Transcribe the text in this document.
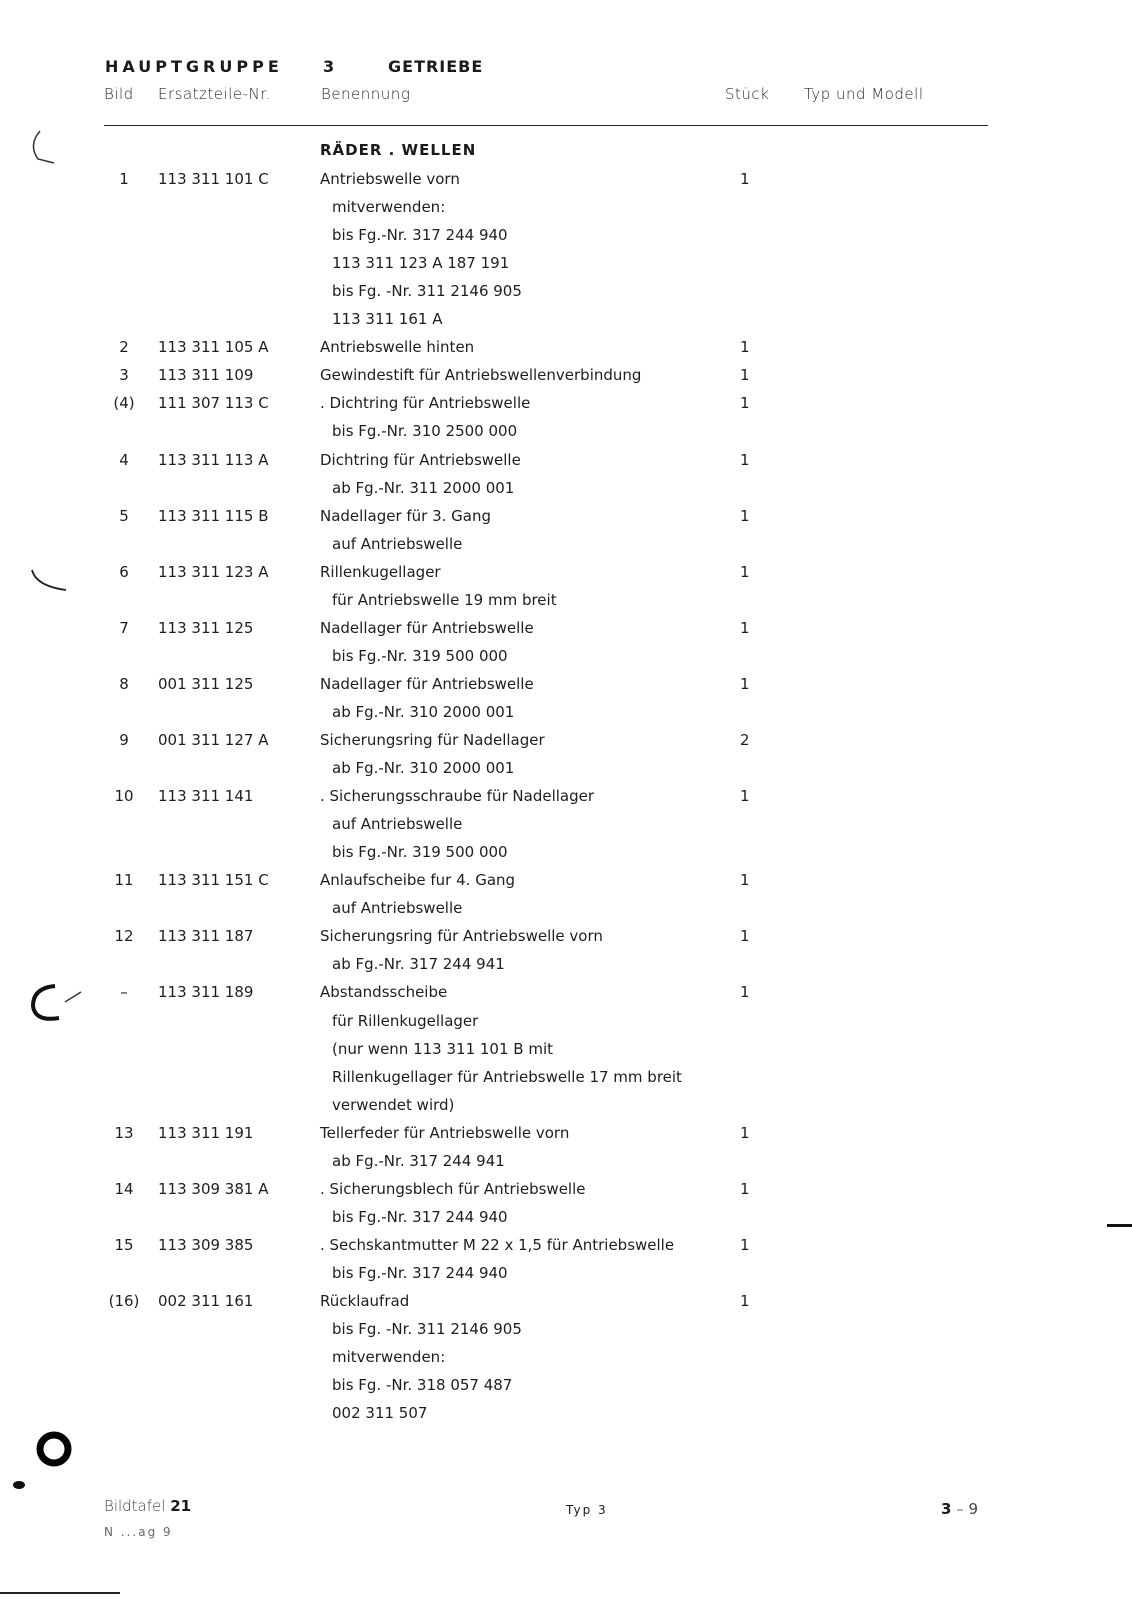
HAUPTGRUPPE	3	GETRIEBE
Bild Ersatzteile-Nr.	Benennung	Stück Typ und Modell
RÄDER . WELLEN
1	113 311 101 C	Antriebswelle vorn	1
mitverwenden:
bis Fg.-Nr. 317 244 940
113 311 123 A 187 191
bis Fg. -Nr. 311 2146 905
113 311 161 A
2	113 311 105 A	Antriebswelle hinten	1
3	113 311 109	Gewindestift für Antriebswellenverbindung	1
(4)	111 307 113 C	. Dichtring für Antriebswelle	1
bis Fg.-Nr. 310 2500 000
4	113 311 113 A	Dichtring für Antriebswelle	1
ab Fg.-Nr. 311 2000 001
5	113 311 115 B	Nadellager für 3. Gang	1
auf Antriebswelle
6	113 311 123 A	Rillenkugellager	1
für Antriebswelle 19 mm breit
7	113 311 125	Nadellager für Antriebswelle	1
bis Fg.-Nr. 319 500 000
8	001 311 125	Nadellager für Antriebswelle	1
ab Fg.-Nr. 310 2000 001
9	001 311 127 A	Sicherungsring für Nadellager	2
ab Fg.-Nr. 310 2000 001
10	113 311 141	. Sicherungsschraube für Nadellager	1
auf Antriebswelle
bis Fg.-Nr. 319 500 000
11	113 311 151 C	Anlaufscheibe fur 4. Gang	1
auf Antriebswelle
12	113 311 187	Sicherungsring für Antriebswelle vorn	1
ab Fg.-Nr. 317 244 941
–	113 311 189	Abstandsscheibe	1
für Rillenkugellager
(nur wenn 113 311 101 B mit
Rillenkugellager für Antriebswelle 17 mm breit
verwendet wird)
13	113 311 191	Tellerfeder für Antriebswelle vorn	1
ab Fg.-Nr. 317 244 941
14	113 309 381 A	. Sicherungsblech für Antriebswelle	1
bis Fg.-Nr. 317 244 940
15	113 309 385	. Sechskantmutter M 22 x 1,5 für Antriebswelle	1
bis Fg.-Nr. 317 244 940
(16)	002 311 161	Rücklaufrad	1
bis Fg. -Nr. 311 2146 905
mitverwenden:
bis Fg. -Nr. 318 057 487
002 311 507
Bildtafel 21
N ...ag 9
Typ 3	3 – 9
